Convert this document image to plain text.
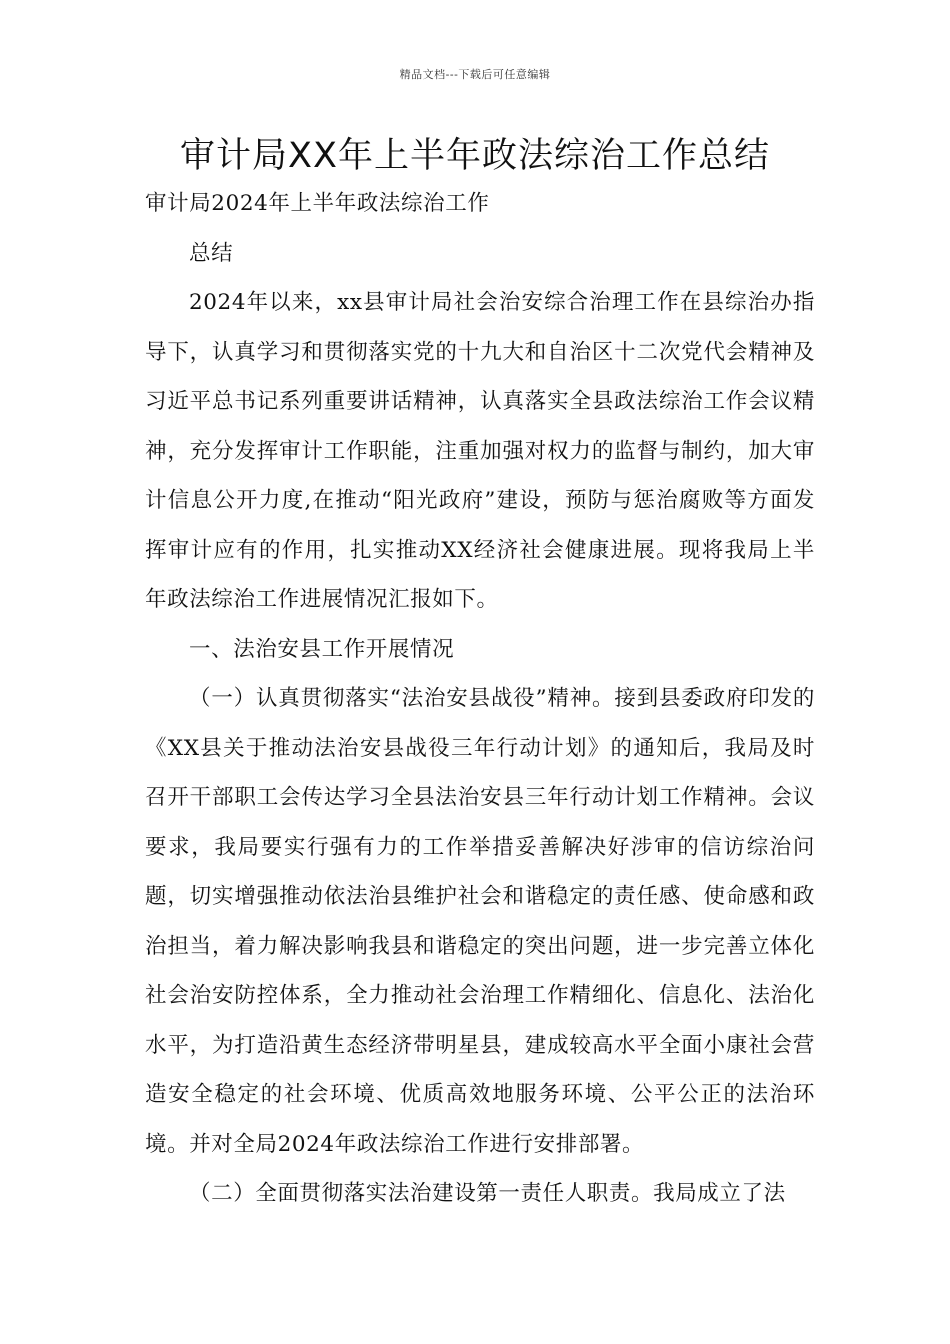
精品文档---下载后可任意编辑
审计局XX年上半年政法综治工作总结

审计局2024年上半年政法综治工作

总结

2024年以来，xx县审计局社会治安综合治理工作在县综治办指导下，认真学习和贯彻落实党的十九大和自治区十二次党代会精神及习近平总书记系列重要讲话精神，认真落实全县政法综治工作会议精神，充分发挥审计工作职能，注重加强对权力的监督与制约，加大审计信息公开力度,在推动“阳光政府”建设，预防与惩治腐败等方面发挥审计应有的作用，扎实推动XX经济社会健康进展。现将我局上半年政法综治工作进展情况汇报如下。

一、法治安县工作开展情况

（一）认真贯彻落实“法治安县战役”精神。接到县委政府印发的《XX县关于推动法治安县战役三年行动计划》的通知后，我局及时召开干部职工会传达学习全县法治安县三年行动计划工作精神。会议要求，我局要实行强有力的工作举措妥善解决好涉审的信访综治问题，切实增强推动依法治县维护社会和谐稳定的责任感、使命感和政治担当，着力解决影响我县和谐稳定的突出问题，进一步完善立体化社会治安防控体系，全力推动社会治理工作精细化、信息化、法治化水平，为打造沿黄生态经济带明星县，建成较高水平全面小康社会营造安全稳定的社会环境、优质高效地服务环境、公平公正的法治环境。并对全局2024年政法综治工作进行安排部署。

（二）全面贯彻落实法治建设第一责任人职责。我局成立了法
